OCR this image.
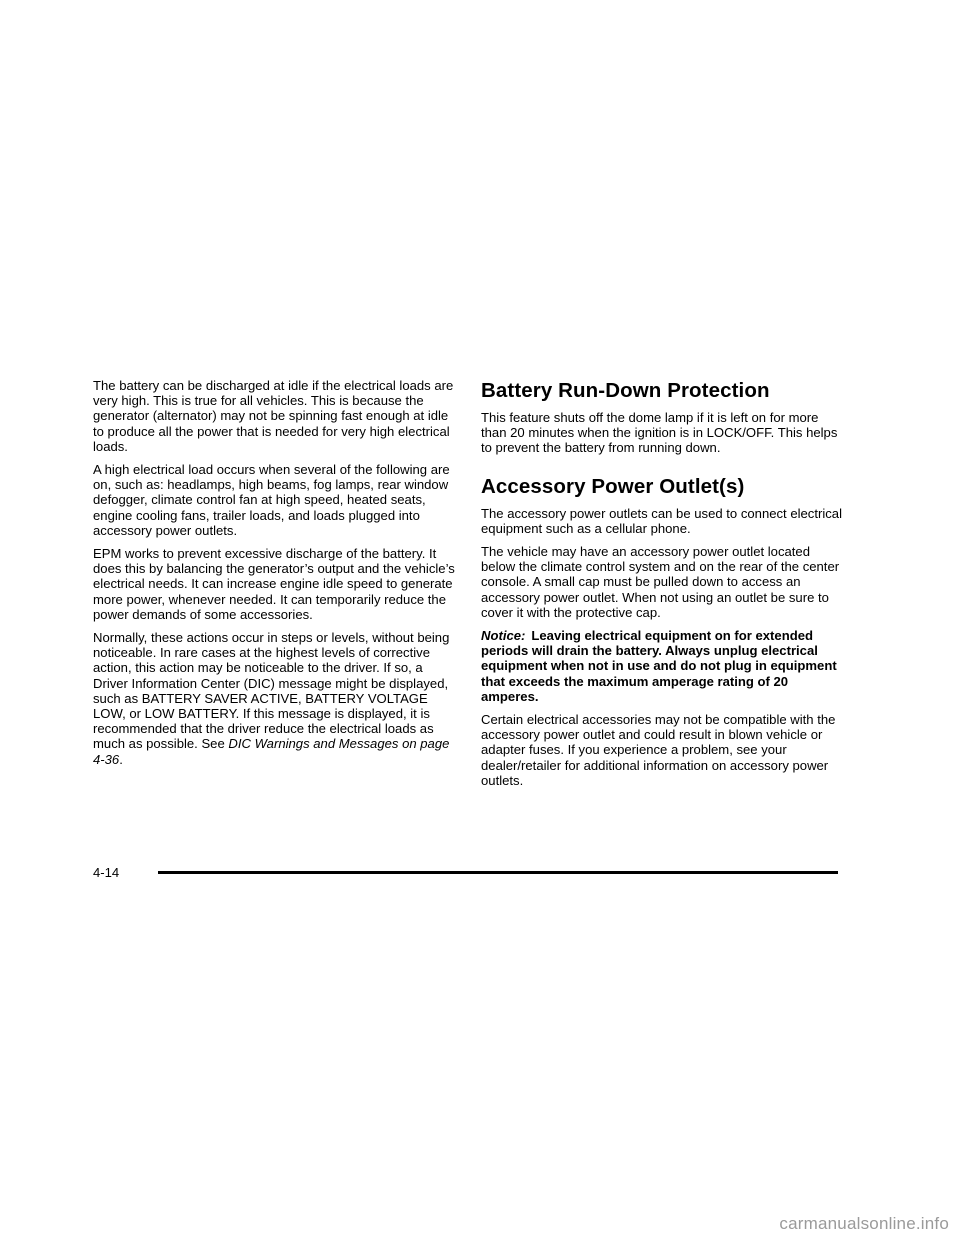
The battery can be discharged at idle if the electrical loads are very high. This is true for all vehicles. This is because the generator (alternator) may not be spinning fast enough at idle to produce all the power that is needed for very high electrical loads.

A high electrical load occurs when several of the following are on, such as: headlamps, high beams, fog lamps, rear window defogger, climate control fan at high speed, heated seats, engine cooling fans, trailer loads, and loads plugged into accessory power outlets.

EPM works to prevent excessive discharge of the battery. It does this by balancing the generator’s output and the vehicle’s electrical needs. It can increase engine idle speed to generate more power, whenever needed. It can temporarily reduce the power demands of some accessories.

Normally, these actions occur in steps or levels, without being noticeable. In rare cases at the highest levels of corrective action, this action may be noticeable to the driver. If so, a Driver Information Center (DIC) message might be displayed, such as BATTERY SAVER ACTIVE, BATTERY VOLTAGE LOW, or LOW BATTERY. If this message is displayed, it is recommended that the driver reduce the electrical loads as much as possible. See DIC Warnings and Messages on page 4-36.

Battery Run-Down Protection

This feature shuts off the dome lamp if it is left on for more than 20 minutes when the ignition is in LOCK/OFF. This helps to prevent the battery from running down.

Accessory Power Outlet(s)

The accessory power outlets can be used to connect electrical equipment such as a cellular phone.

The vehicle may have an accessory power outlet located below the climate control system and on the rear of the center console. A small cap must be pulled down to access an accessory power outlet. When not using an outlet be sure to cover it with the protective cap.

Notice: Leaving electrical equipment on for extended periods will drain the battery. Always unplug electrical equipment when not in use and do not plug in equipment that exceeds the maximum amperage rating of 20 amperes.

Certain electrical accessories may not be compatible with the accessory power outlet and could result in blown vehicle or adapter fuses. If you experience a problem, see your dealer/retailer for additional information on accessory power outlets.

4-14
carmanualsonline.info
